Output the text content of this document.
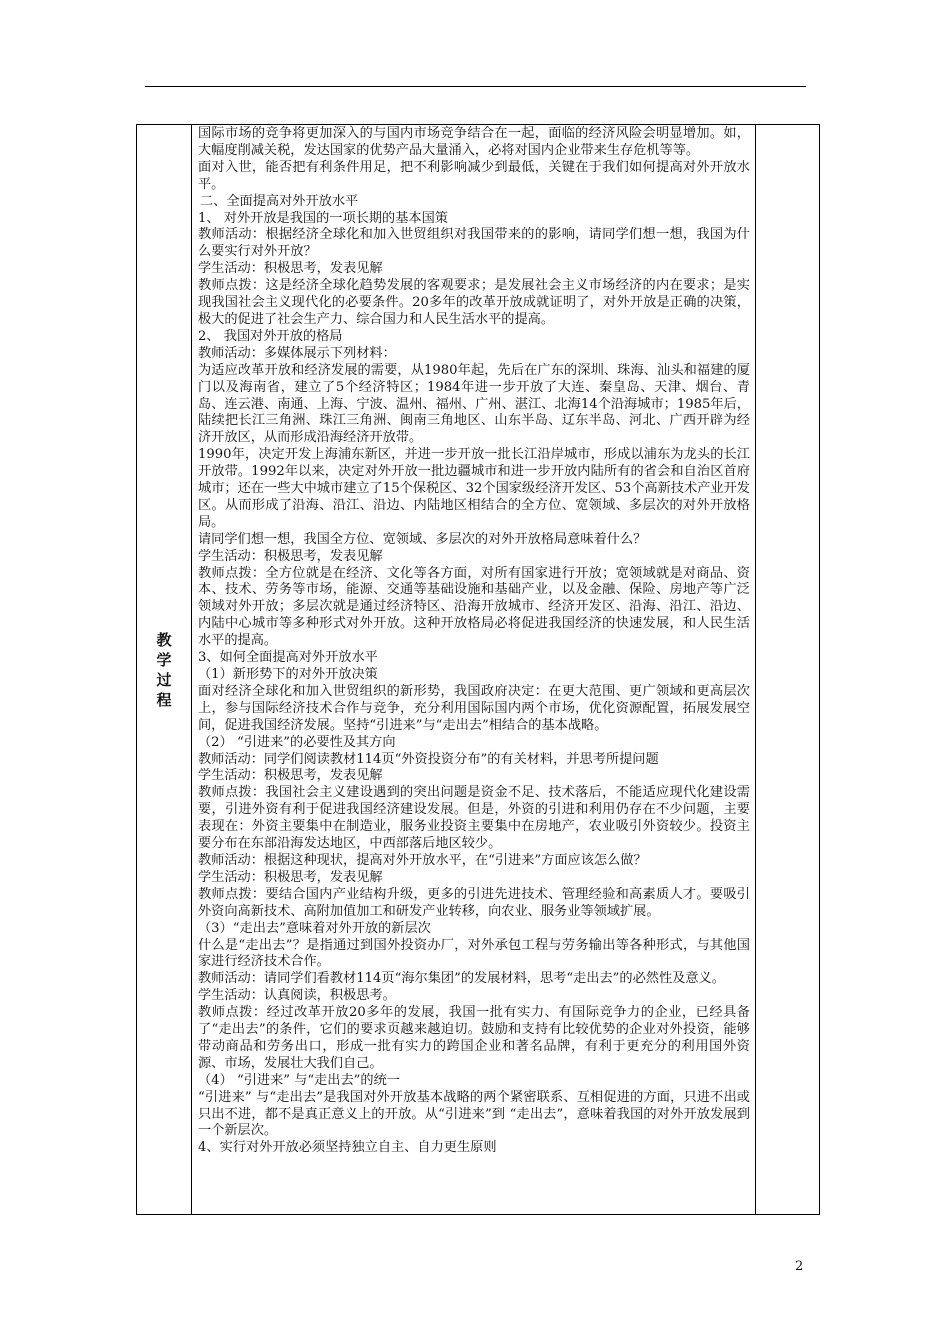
教学过程

国际市场的竞争将更加深入的与国内市场竞争结合在一起，面临的经济风险会明显增加。如，大幅度削减关税，发达国家的优势产品大量涌入，必将对国内企业带来生存危机等等。

面对入世，能否把有利条件用足，把不利影响减少到最低，关键在于我们如何提高对外开放水平。

二、全面提高对外开放水平

1、 对外开放是我国的一项长期的基本国策

教师活动：根据经济全球化和加入世贸组织对我国带来的的影响，请同学们想一想，我国为什么要实行对外开放？

学生活动：积极思考，发表见解

教师点拨：这是经济全球化趋势发展的客观要求；是发展社会主义市场经济的内在要求；是实现我国社会主义现代化的必要条件。20多年的改革开放成就证明了，对外开放是正确的决策，极大的促进了社会生产力、综合国力和人民生活水平的提高。

2、 我国对外开放的格局

教师活动：多媒体展示下列材料：

为适应改革开放和经济发展的需要，从1980年起，先后在广东的深圳、珠海、汕头和福建的厦门以及海南省，建立了5个经济特区；1984年进一步开放了大连、秦皇岛、天津、烟台、青岛、连云港、南通、上海、宁波、温州、福州、广州、湛江、北海14个沿海城市；1985年后，陆续把长江三角洲、珠江三角洲、闽南三角地区、山东半岛、辽东半岛、河北、广西开辟为经济开放区，从而形成沿海经济开放带。

1990年，决定开发上海浦东新区，并进一步开放一批长江沿岸城市，形成以浦东为龙头的长江开放带。1992年以来，决定对外开放一批边疆城市和进一步开放内陆所有的省会和自治区首府城市；还在一些大中城市建立了15个保税区、32个国家级经济开发区、53个高新技术产业开发区。从而形成了沿海、沿江、沿边、内陆地区相结合的全方位、宽领域、多层次的对外开放格局。

请同学们想一想，我国全方位、宽领域、多层次的对外开放格局意味着什么？

学生活动：积极思考，发表见解

教师点拨：全方位就是在经济、文化等各方面，对所有国家进行开放；宽领域就是对商品、资本、技术、劳务等市场，能源、交通等基础设施和基础产业，以及金融、保险、房地产等广泛领域对外开放；多层次就是通过经济特区、沿海开放城市、经济开发区、沿海、沿江、沿边、内陆中心城市等多种形式对外开放。这种开放格局必将促进我国经济的快速发展，和人民生活水平的提高。

3、如何全面提高对外开放水平

（1）新形势下的对外开放决策

面对经济全球化和加入世贸组织的新形势，我国政府决定：在更大范围、更广领域和更高层次上，参与国际经济技术合作与竞争，充分利用国际国内两个市场，优化资源配置，拓展发展空间，促进我国经济发展。坚持“引进来”与“走出去”相结合的基本战略。

（2） “引进来”的必要性及其方向

教师活动：同学们阅读教材114页“外资投资分布”的有关材料，并思考所提问题

学生活动：积极思考，发表见解

教师点拨：我国社会主义建设遇到的突出问题是资金不足、技术落后，不能适应现代化建设需要，引进外资有利于促进我国经济建设发展。但是，外资的引进和利用仍存在不少问题，主要表现在：外资主要集中在制造业，服务业投资主要集中在房地产，农业吸引外资较少。投资主要分布在东部沿海发达地区，中西部落后地区较少。

教师活动：根据这种现状，提高对外开放水平，在“引进来”方面应该怎么做？

学生活动：积极思考，发表见解

教师点拨：要结合国内产业结构升级，更多的引进先进技术、管理经验和高素质人才。要吸引外资向高新技术、高附加值加工和研发产业转移，向农业、服务业等领域扩展。

（3）“走出去”意味着对外开放的新层次

什么是“走出去”？是指通过到国外投资办厂，对外承包工程与劳务输出等各种形式，与其他国家进行经济技术合作。

教师活动：请同学们看教材114页“海尔集团”的发展材料，思考“走出去”的必然性及意义。

学生活动：认真阅读，积极思考。

教师点拨：经过改革开放20多年的发展，我国一批有实力、有国际竞争力的企业，已经具备了“走出去”的条件，它们的要求页越来越迫切。鼓励和支持有比较优势的企业对外投资，能够带动商品和劳务出口，形成一批有实力的跨国企业和著名品牌，有利于更充分的利用国外资源、市场，发展壮大我们自己。

（4） “引进来” 与“走出去”的统一

“引进来” 与“走出去”是我国对外开放基本战略的两个紧密联系、互相促进的方面，只进不出或只出不进，都不是真正意义上的开放。从“引进来”到 “走出去”，意味着我国的对外开放发展到一个新层次。

4、实行对外开放必须坚持独立自主、自力更生原则

2
